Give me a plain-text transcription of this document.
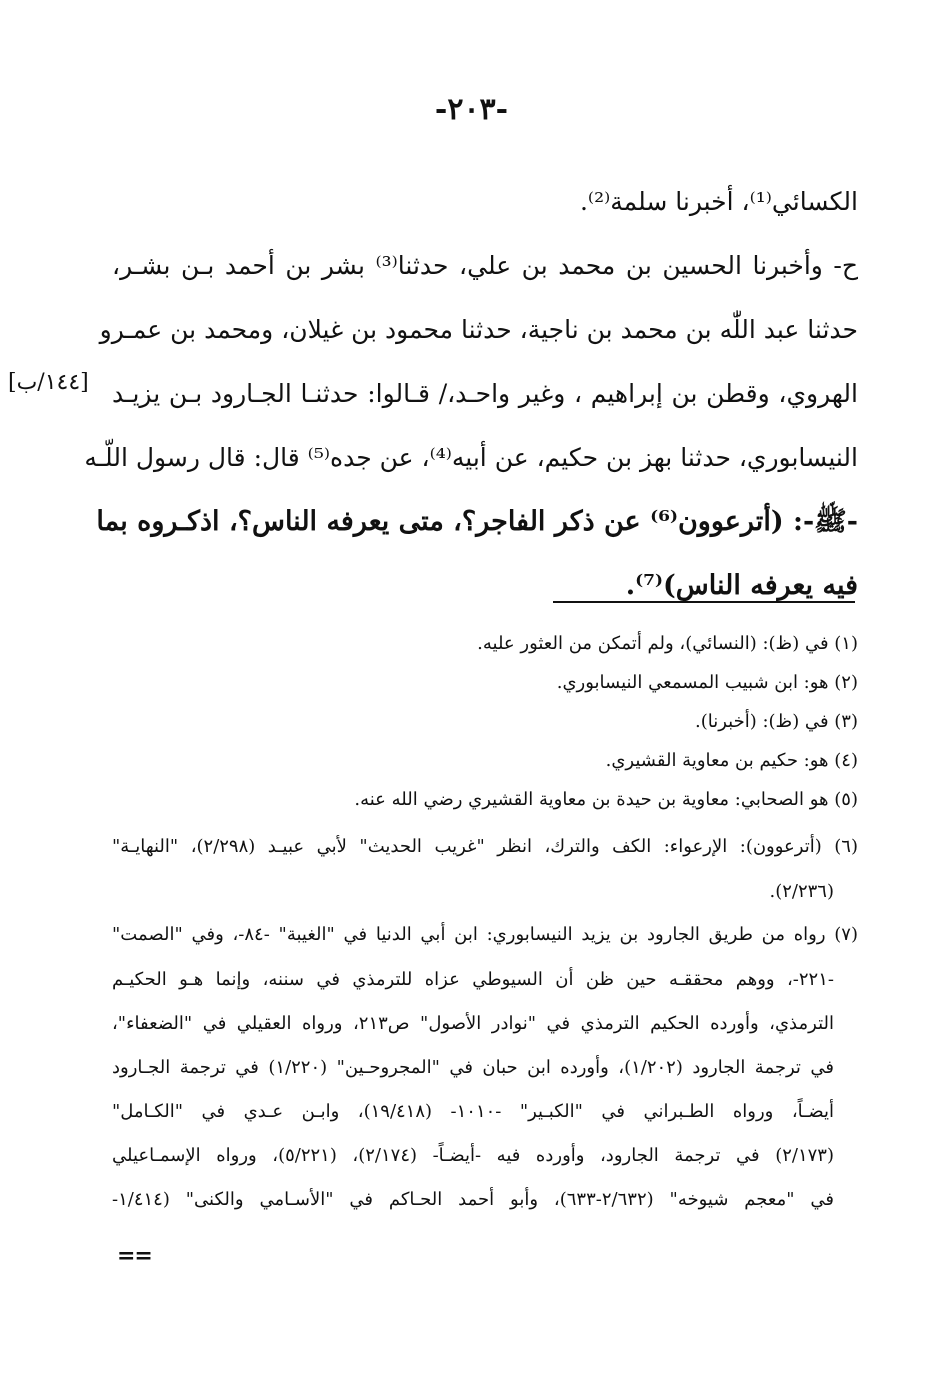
-٢٠٣-
[١٤٤/ب]
الكسائي⁽¹⁾، أخبرنا سلمة⁽²⁾.
ح- وأخبرنا الحسين بن محمد بن علي، حدثنا⁽³⁾ بشر بن أحمد بـن بشـر،
حدثنا عبد اللّٰه بن محمد بن ناجية، حدثنا محمود بن غيلان، ومحمد بن عمـرو
الهروي، وقطن بن إبراهيم ، وغير واحـد،/ قـالوا: حدثنـا الجـارود بـن يزيـد
النيسابوري، حدثنا بهز بن حكيم، عن أبيه⁽⁴⁾، عن جده⁽⁵⁾ قال: قال رسول اللّـه
-ﷺ-: (أترعوون⁽⁶⁾ عن ذكر الفاجر؟، متى يعرفه الناس؟، اذكـروه بما
فيه يعرفه الناس)⁽⁷⁾.
(١) في (ظ): (النسائي)، ولم أتمكن من العثور عليه.
(٢) هو: ابن شبيب المسمعي النيسابوري.
(٣) في (ظ): (أخبرنا).
(٤) هو: حكيم بن معاوية القشيري.
(٥) هو الصحابي: معاوية بن حيدة بن معاوية القشيري رضي الله عنه.
(٦) (أترعوون): الإرعواء: الكف والترك، انظر "غريب الحديث" لأبي عبيـد (٢/٢٩٨)، "النهايـة"
(٢/٢٣٦).
(٧) رواه من طريق الجارود بن يزيد النيسابوري: ابن أبي الدنيا في "الغيبة" -٨٤-، وفي "الصمت"
-٢٢١-، ووهم محققـه حين ظن أن السيوطي عزاه للترمذي في سننه، وإنما هـو الحكيـم
الترمذي، وأورده الحكيم الترمذي في "نوادر الأصول" ص٢١٣، ورواه العقيلي في "الضعفاء"،
في ترجمة الجارود (١/٢٠٢)، وأورده ابن حبان في "المجروحـين" (١/٢٢٠) في ترجمة الجـارود
أيضـاً، ورواه الطـبراني في "الكبـير" -١٠١٠- (١٩/٤١٨)، وابـن عـدي في "الكـامل"
(٢/١٧٣) في ترجمة الجارود، وأورده فيه -أيضـاً- (٢/١٧٤)، (٥/٢٢١)، ورواه الإسمـاعيلي
في "معجم شيوخه" (٢/٦٣٢-٦٣٣)، وأبو أحمد الحـاكم في "الأسـامي والكنى" (١/٤١٤-
==
